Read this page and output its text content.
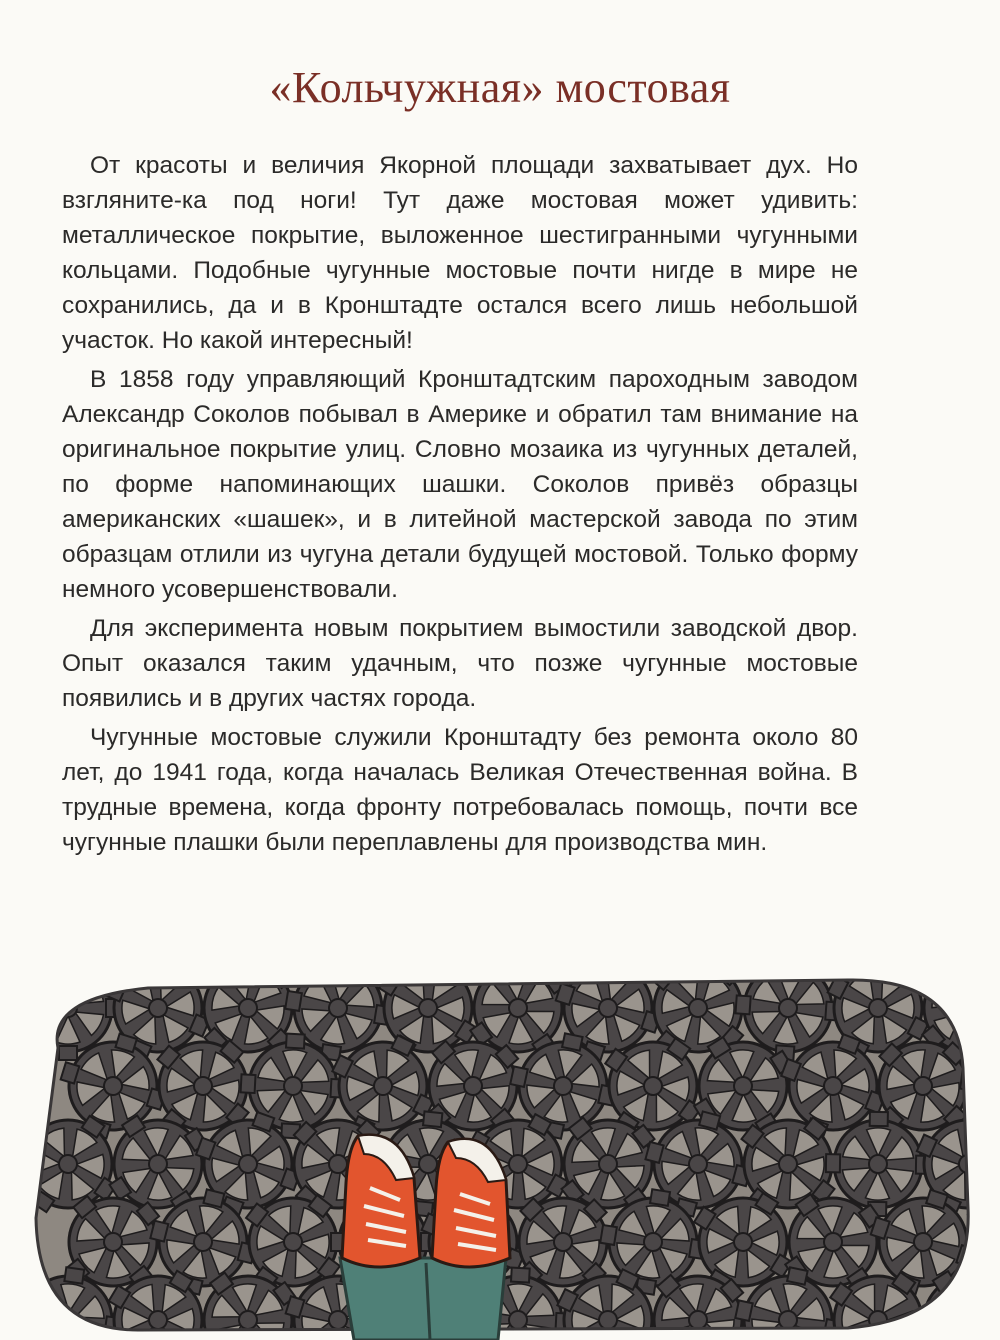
«Кольчужная» мостовая

От красоты и величия Якорной площади захватывает дух. Но взгляните-ка под ноги! Тут даже мостовая может удивить: металлическое покрытие, выложенное шестигранными чугунными кольцами. Подобные чугунные мостовые почти нигде в мире не сохранились, да и в Кронштадте остался всего лишь небольшой участок. Но какой интересный!

В 1858 году управляющий Кронштадтским пароходным заводом Александр Соколов побывал в Америке и обратил там внимание на оригинальное покрытие улиц. Словно мозаика из чугунных деталей, по форме напоминающих шашки. Соколов привёз образцы американских «шашек», и в литейной мастерской завода по этим образцам отлили из чугуна детали будущей мостовой. Только форму немного усовершенствовали.

Для эксперимента новым покрытием вымостили заводской двор. Опыт оказался таким удачным, что позже чугунные мостовые появились и в других частях города.

Чугунные мостовые служили Кронштадту без ремонта около 80 лет, до 1941 года, когда началась Великая Отечественная война. В трудные времена, когда фронту потребовалась помощь, почти все чугунные плашки были переплавлены для производства мин.
